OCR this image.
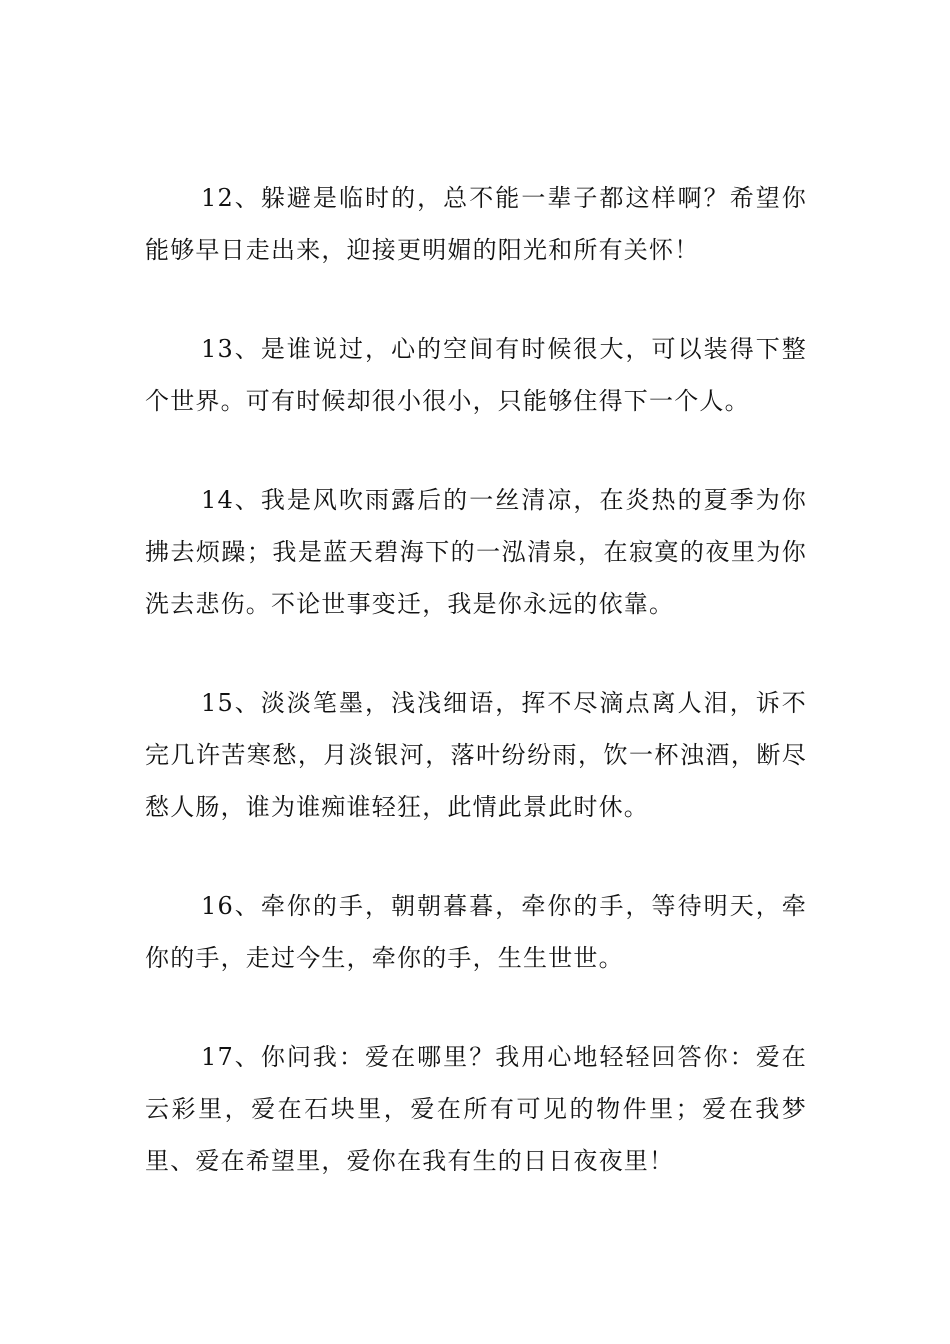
12、躲避是临时的，总不能一辈子都这样啊？希望你能够早日走出来，迎接更明媚的阳光和所有关怀！

13、是谁说过，心的空间有时候很大，可以装得下整个世界。可有时候却很小很小，只能够住得下一个人。

14、我是风吹雨露后的一丝清凉，在炎热的夏季为你拂去烦躁；我是蓝天碧海下的一泓清泉，在寂寞的夜里为你洗去悲伤。不论世事变迁，我是你永远的依靠。

15、淡淡笔墨，浅浅细语，挥不尽滴点离人泪，诉不完几许苦寒愁，月淡银河，落叶纷纷雨，饮一杯浊酒，断尽愁人肠，谁为谁痴谁轻狂，此情此景此时休。

16、牵你的手，朝朝暮暮，牵你的手，等待明天，牵你的手，走过今生，牵你的手，生生世世。

17、你问我：爱在哪里？我用心地轻轻回答你：爱在云彩里，爱在石块里，爱在所有可见的物件里；爱在我梦里、爱在希望里，爱你在我有生的日日夜夜里！
